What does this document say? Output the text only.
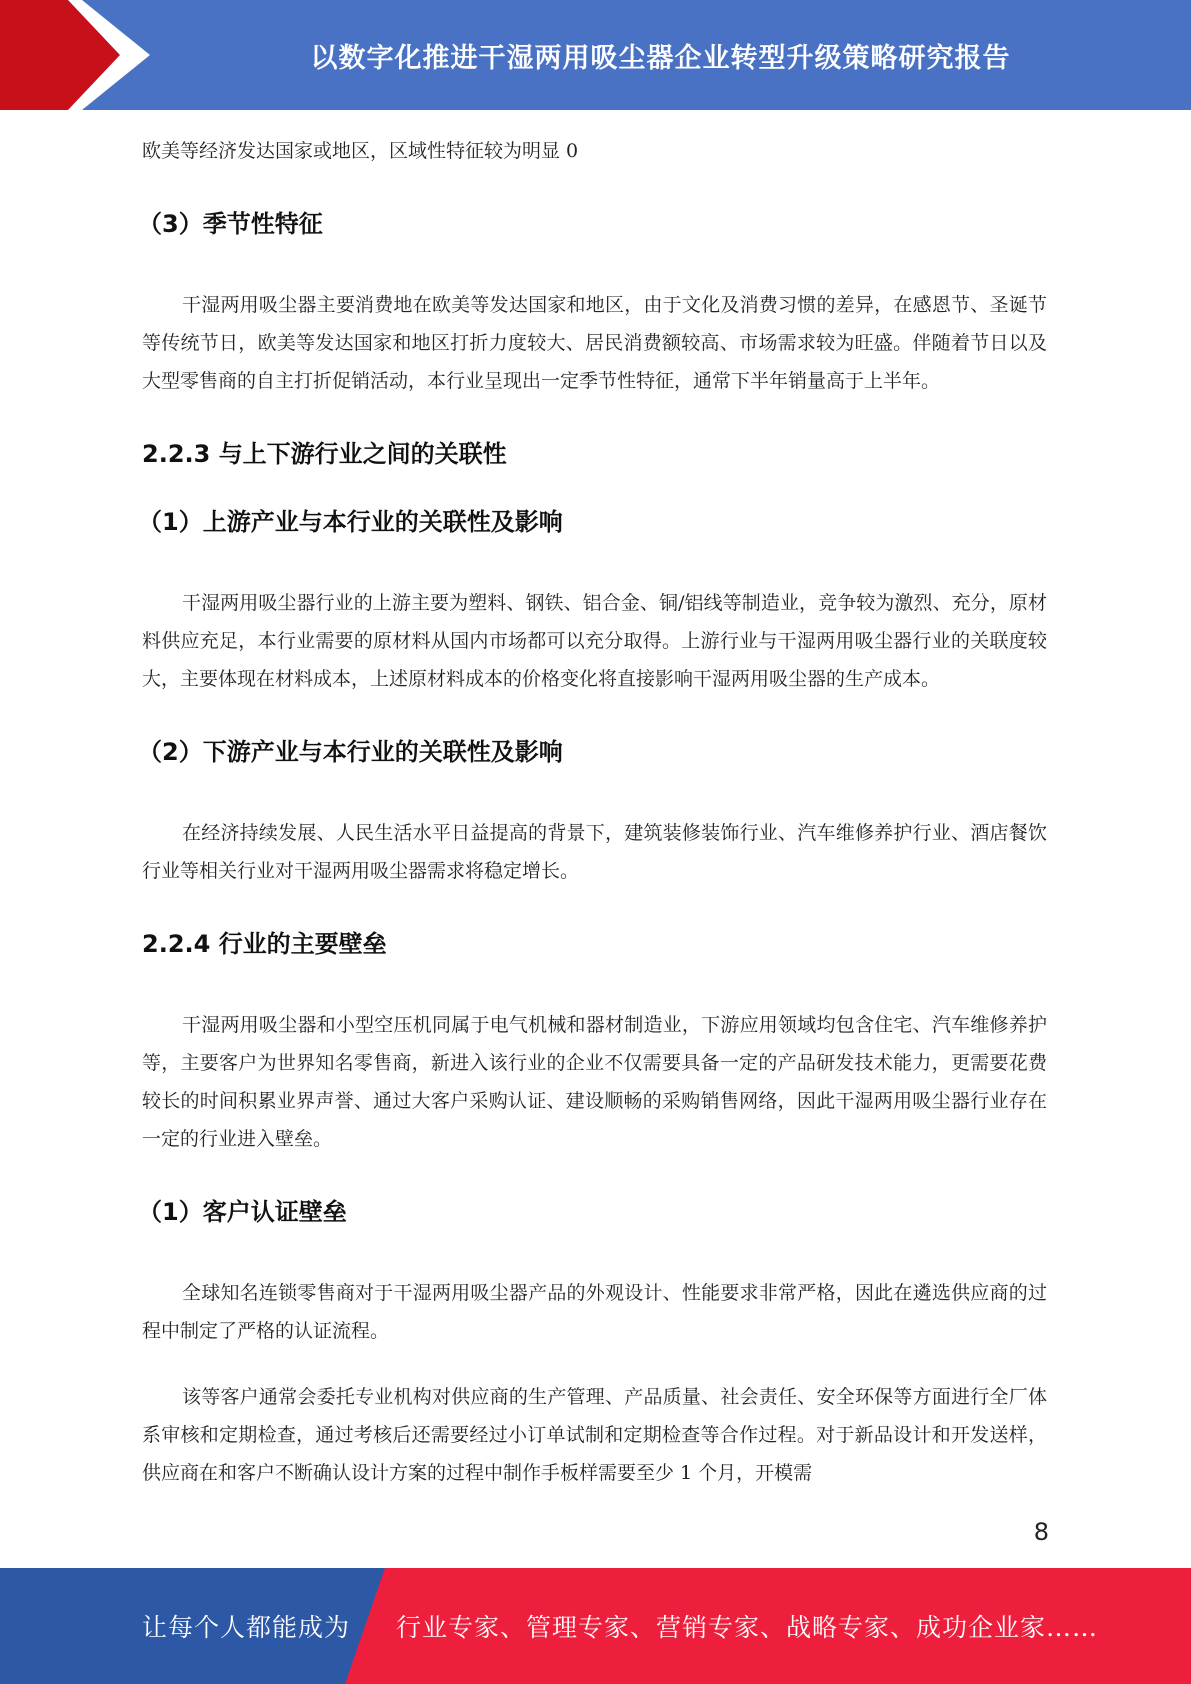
以数字化推进干湿两用吸尘器企业转型升级策略研究报告

欧美等经济发达国家或地区，区域性特征较为明显 0

（3）季节性特征

干湿两用吸尘器主要消费地在欧美等发达国家和地区，由于文化及消费习惯的差异，在感恩节、圣诞节等传统节日，欧美等发达国家和地区打折力度较大、居民消费额较高、市场需求较为旺盛。伴随着节日以及大型零售商的自主打折促销活动，本行业呈现出一定季节性特征，通常下半年销量高于上半年。

2.2.3 与上下游行业之间的关联性
（1）上游产业与本行业的关联性及影响

干湿两用吸尘器行业的上游主要为塑料、钢铁、铝合金、铜/铝线等制造业，竞争较为激烈、充分，原材料供应充足，本行业需要的原材料从国内市场都可以充分取得。上游行业与干湿两用吸尘器行业的关联度较大，主要体现在材料成本，上述原材料成本的价格变化将直接影响干湿两用吸尘器的生产成本。

（2）下游产业与本行业的关联性及影响

在经济持续发展、人民生活水平日益提高的背景下，建筑装修装饰行业、汽车维修养护行业、酒店餐饮行业等相关行业对干湿两用吸尘器需求将稳定增长。

2.2.4 行业的主要壁垒

干湿两用吸尘器和小型空压机同属于电气机械和器材制造业，下游应用领域均包含住宅、汽车维修养护等，主要客户为世界知名零售商，新进入该行业的企业不仅需要具备一定的产品研发技术能力，更需要花费较长的时间积累业界声誉、通过大客户采购认证、建设顺畅的采购销售网络，因此干湿两用吸尘器行业存在一定的行业进入壁垒。

（1）客户认证壁垒

全球知名连锁零售商对于干湿两用吸尘器产品的外观设计、性能要求非常严格，因此在遴选供应商的过程中制定了严格的认证流程。

该等客户通常会委托专业机构对供应商的生产管理、产品质量、社会责任、安全环保等方面进行全厂体系审核和定期检查，通过考核后还需要经过小订单试制和定期检查等合作过程。对于新品设计和开发送样，供应商在和客户不断确认设计方案的过程中制作手板样需要至少 1 个月，开模需

8
让每个人都能成为 行业专家、管理专家、营销专家、战略专家、成功企业家……
